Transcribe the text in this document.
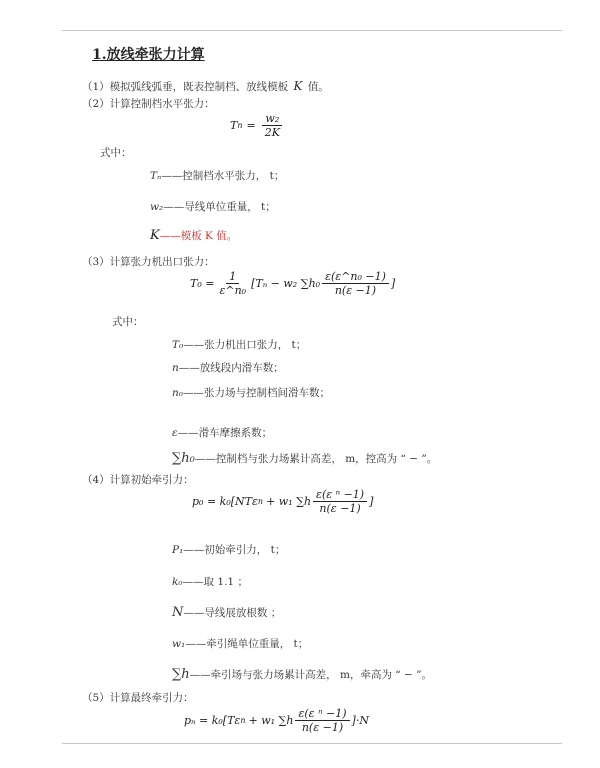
1.放线牵张力计算
（1）模拟弧线弧垂，既表控制档、放线模板 K 值。
（2）计算控制档水平张力：
T $n = \frac{\text{w₂}}{2K}$
式中：
Tₙ——控制档水平张力， t；
w₂——导线单位重量， t；
K——模板 K 值。
（3）计算张力机出口张力：
$T_0 = \frac{1}{\text{ε\textasciicircum{}n₀}} [T_n - w_2$ $\sum h_0 \frac{\text{ε(ε\textasciicircum{}n₀ −1)}}{n(\varepsilon -1)}$ ]
式中：
T₀——张力机出口张力， t；
n——放线段内滑车数；
n₀——张力场与控制档间滑车数；
ε——滑车摩擦系数；
∑h₀——控制档与张力场累计高差， m，控高为 “ − ”。
（4）计算初始牵引力：
p₀ = k₀[NTε n + w₁ $\sum h \frac{\text{ε(ε ⁿ −1)}}{n(\varepsilon -1)}$ ]
P₁——初始牵引力， t；
k₀——取 1.1 ；
N——导线展放根数 ；
w₁——牵引绳单位重量， t；
∑h——牵引场与张力场累计高差， m，牵高为 “ − ”。
（5）计算最终牵引力：
pₙ = k₀[Tε n + w₁ $\sum h \frac{\text{ε(ε ⁿ −1)}}{n(\varepsilon -1)} ]\cdot N$
